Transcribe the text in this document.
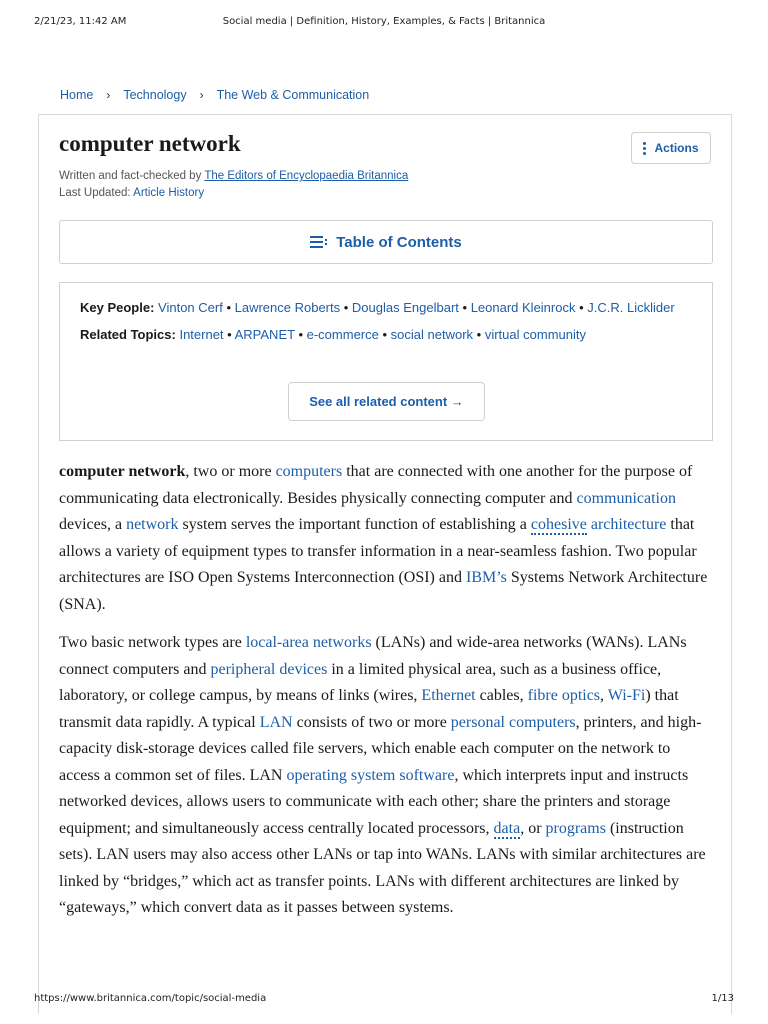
2/21/23, 11:42 AM	Social media | Definition, History, Examples, & Facts | Britannica
Home › Technology › The Web & Communication
computer network	Actions
Written and fact-checked by The Editors of Encyclopaedia Britannica
Last Updated: Article History
Table of Contents
Key People: Vinton Cerf • Lawrence Roberts • Douglas Engelbart • Leonard Kleinrock • J.C.R. Licklider
Related Topics: Internet • ARPANET • e-commerce • social network • virtual community
See all related content →

computer network, two or more computers that are connected with one another for the purpose of communicating data electronically. Besides physically connecting computer and communication devices, a network system serves the important function of establishing a cohesive architecture that allows a variety of equipment types to transfer information in a near-seamless fashion. Two popular architectures are ISO Open Systems Interconnection (OSI) and IBM’s Systems Network Architecture (SNA).

Two basic network types are local-area networks (LANs) and wide-area networks (WANs). LANs connect computers and peripheral devices in a limited physical area, such as a business office, laboratory, or college campus, by means of links (wires, Ethernet cables, fibre optics, Wi-Fi) that transmit data rapidly. A typical LAN consists of two or more personal computers, printers, and high-capacity disk-storage devices called file servers, which enable each computer on the network to access a common set of files. LAN operating system software, which interprets input and instructs networked devices, allows users to communicate with each other; share the printers and storage equipment; and simultaneously access centrally located processors, data, or programs (instruction sets). LAN users may also access other LANs or tap into WANs. LANs with similar architectures are linked by “bridges,” which act as transfer points. LANs with different architectures are linked by “gateways,” which convert data as it passes between systems.

https://www.britannica.com/topic/social-media	1/13
